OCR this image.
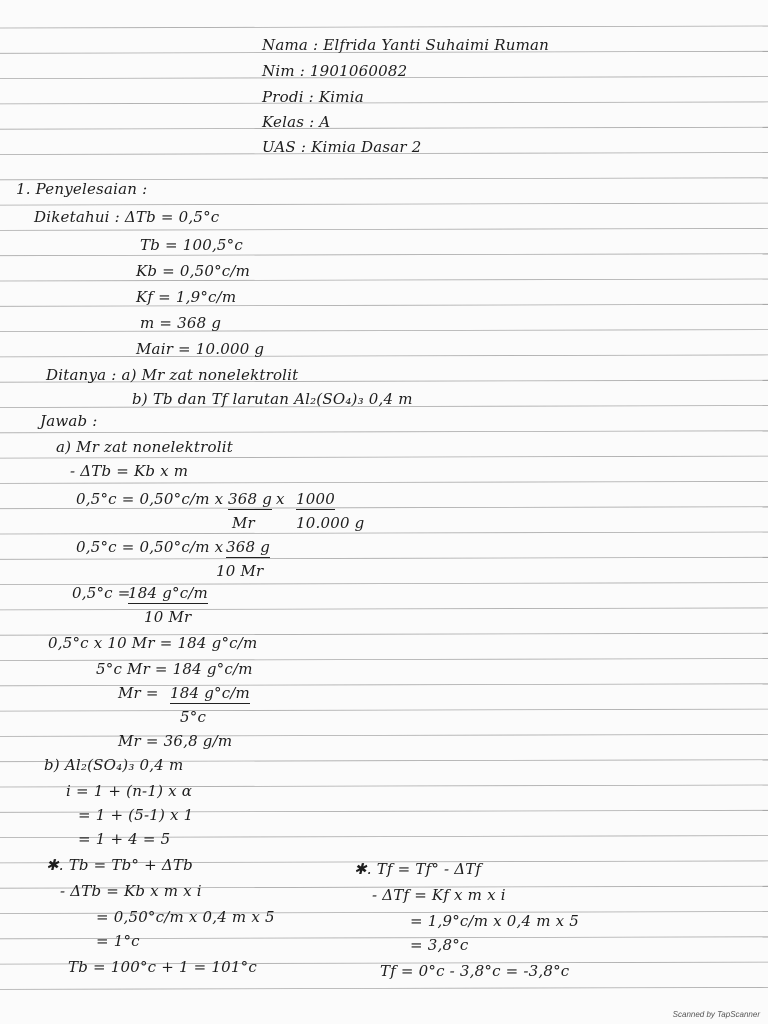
Nama : Elfrida Yanti Suhaimi Ruman
Nim : 1901060082
Prodi : Kimia
Kelas : A
UAS : Kimia Dasar 2
1. Penyelesaian :
Diketahui : ΔTb = 0,5°c
Tb = 100,5°c
Kb = 0,50°c/m
Kf = 1,9°c/m
m = 368 g
Mair = 10.000 g
Ditanya : a) Mr zat nonelektrolit
b) Tb dan Tf larutan Al₂(SO₄)₃ 0,4 m
Jawab :
a) Mr zat nonelektrolit
- ΔTb = Kb x m
0,5°c = 0,50°c/m x 368 g
Mr
x 1000
10.000 g
0,5°c = 0,50°c/m x 368 g
10 Mr
0,5°c =
184 g°c/m
10 Mr
0,5°c x 10 Mr = 184 g°c/m
5°c Mr = 184 g°c/m
Mr = 184 g°c/m
5°c
Mr = 36,8 g/m
b) Al₂(SO₄)₃ 0,4 m
i = 1 + (n-1) x α
= 1 + (5-1) x 1
= 1 + 4 = 5
✱. Tb = Tb° + ΔTb
- ΔTb = Kb x m x i
= 0,50°c/m x 0,4 m x 5
= 1°c
Tb = 100°c + 1 = 101°c
✱. Tf = Tf° - ΔTf
- ΔTf = Kf x m x i
= 1,9°c/m x 0,4 m x 5
= 3,8°c
Tf = 0°c - 3,8°c = -3,8°c
Scanned by TapScanner
